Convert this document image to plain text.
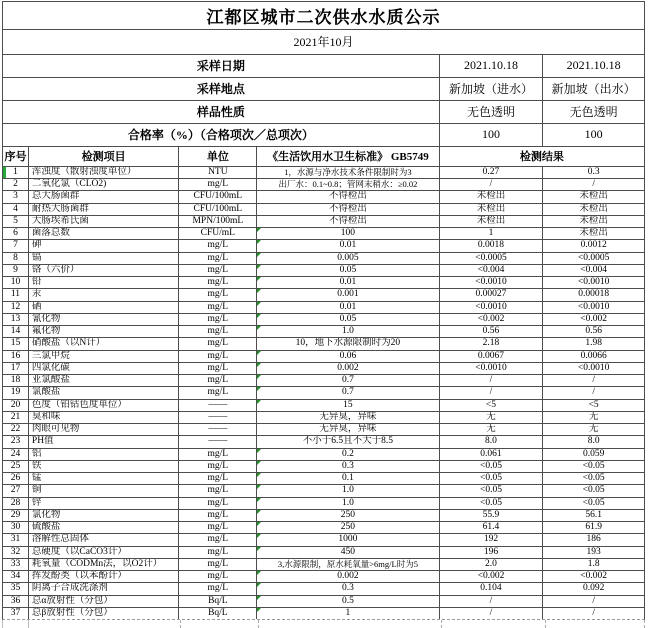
江都区城市二次供水水质公示
2021年10月
采样日期	2021.10.18	2021.10.18
采样地点	新加坡（进水）	新加坡（出水）
样品性质	无色透明	无色透明
合格率（%）（合格项次／总项次）	100	100
序号	检测项目	单位	《生活饮用水卫生标准》 GB5749	检测结果
1	浑浊度（散射浊度单位）	NTU	1，水源与净水技术条件限制时为3	0.27	0.3
2	二氧化氯（CLO2)	mg/L	出厂水：0.1~0.8；管网末稍水：≥0.02	/	/
3	总大肠菌群	CFU/100mL	不得检出	未检出	未检出
4	耐热大肠菌群	CFU/100mL	不得检出	未检出	未检出
5	大肠埃希氏菌	MPN/100mL	不得检出	未检出	未检出
6	菌落总数	CFU/mL	100	1	未检出
7	砷	mg/L	0.01	0.0018	0.0012
8	镉	mg/L	0.005	<0.0005	<0.0005
9	铬（六价）	mg/L	0.05	<0.004	<0.004
10	铅	mg/L	0.01	<0.0010	<0.0010
11	汞	mg/L	0.001	0.00027	0.00018
12	硒	mg/L	0.01	<0.0010	<0.0010
13	氰化物	mg/L	0.05	<0.002	<0.002
14	氟化物	mg/L	1.0	0.56	0.56
15	硝酸盐（以N计）	mg/L	10，地下水源限制时为20	2.18	1.98
16	三氯甲烷	mg/L	0.06	0.0067	0.0066
17	四氯化碳	mg/L	0.002	<0.0010	<0.0010
18	亚氯酸盐	mg/L	0.7	/	/
19	氯酸盐	mg/L	0.7	/	/
20	色度（铂钴色度单位）	——	15	<5	<5
21	臭和味	——	无异臭，异味	无	无
22	肉眼可见物	——	无异臭，异味	无	无
23	PH值	——	不小于6.5且不大于8.5	8.0	8.0
24	铝	mg/L	0.2	0.061	0.059
25	铁	mg/L	0.3	<0.05	<0.05
26	锰	mg/L	0.1	<0.05	<0.05
27	铜	mg/L	1.0	<0.05	<0.05
28	锌	mg/L	1.0	<0.05	<0.05
29	氯化物	mg/L	250	55.9	56.1
30	硫酸盐	mg/L	250	61.4	61.9
31	溶解性总固体	mg/L	1000	192	186
32	总硬度（以CaCO3计）	mg/L	450	196	193
33	耗氧量（CODMn法，以O2计）	mg/L	3,水源限制，原水耗氧量>6mg/L时为5	2.0	1.8
34	挥发酚类（以苯酚计）	mg/L	0.002	<0.002	<0.002
35	阴离子合成洗涤剂	mg/L	0.3	0.104	0.092
36	总α放射性（分包）	Bq/L	0.5	/	/
37	总β放射性（分包）	Bq/L	1	/	/
